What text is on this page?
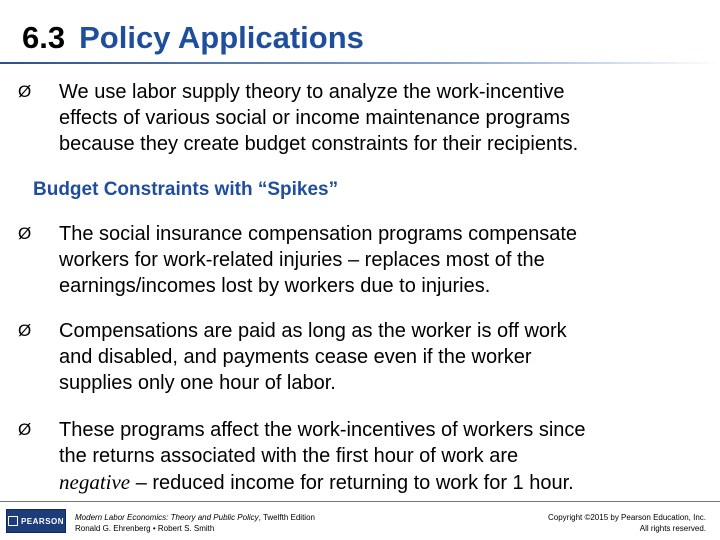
6.3 Policy Applications
Ø	We use labor supply theory to analyze the work-incentive
effects of various social or income maintenance programs
because they create budget constraints for their recipients.
Budget Constraints with “Spikes”
Ø	The social insurance compensation programs compensate
workers for work-related injuries – replaces most of the
earnings/incomes lost by workers due to injuries.
Ø	Compensations are paid as long as the worker is off work
and disabled, and payments cease even if the worker
supplies only one hour of labor.
Ø	These programs affect the work-incentives of workers since
the returns associated with the first hour of work are
negative – reduced income for returning to work for 1 hour.
PEARSON Modern Labor Economics: Theory and Public Policy, Twelfth Edition
Ronald G. Ehrenberg • Robert S. Smith
Copyright ©2015 by Pearson Education, Inc.
All rights reserved.
